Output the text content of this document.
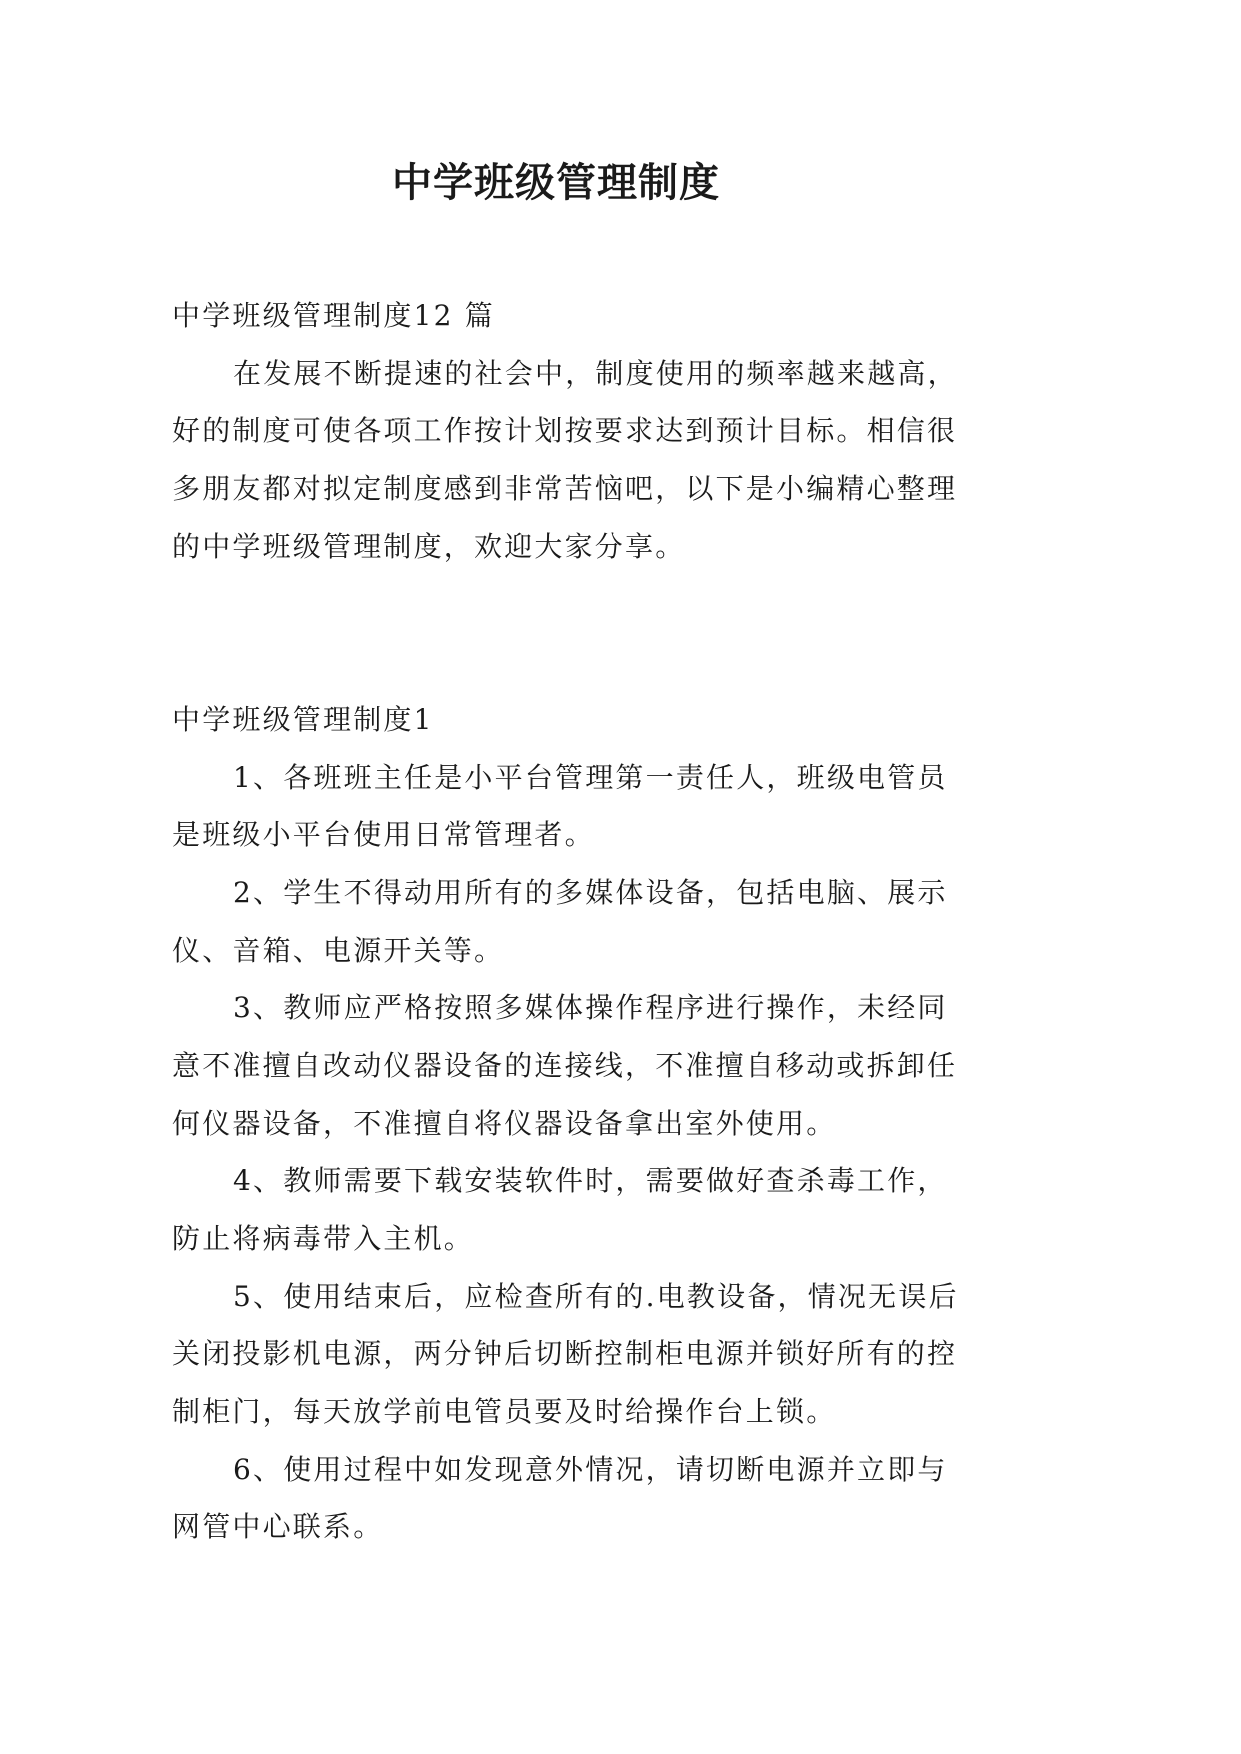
中学班级管理制度
中学班级管理制度12 篇
在发展不断提速的社会中，制度使用的频率越来越高，
好的制度可使各项工作按计划按要求达到预计目标。相信很
多朋友都对拟定制度感到非常苦恼吧，以下是小编精心整理
的中学班级管理制度，欢迎大家分享。
中学班级管理制度1
1、各班班主任是小平台管理第一责任人，班级电管员
是班级小平台使用日常管理者。
2、学生不得动用所有的多媒体设备，包括电脑、展示
仪、音箱、电源开关等。
3、教师应严格按照多媒体操作程序进行操作，未经同
意不准擅自改动仪器设备的连接线，不准擅自移动或拆卸任
何仪器设备，不准擅自将仪器设备拿出室外使用。
4、教师需要下载安装软件时，需要做好查杀毒工作，
防止将病毒带入主机。
5、使用结束后，应检查所有的.电教设备，情况无误后
关闭投影机电源，两分钟后切断控制柜电源并锁好所有的控
制柜门，每天放学前电管员要及时给操作台上锁。
6、使用过程中如发现意外情况，请切断电源并立即与
网管中心联系。
